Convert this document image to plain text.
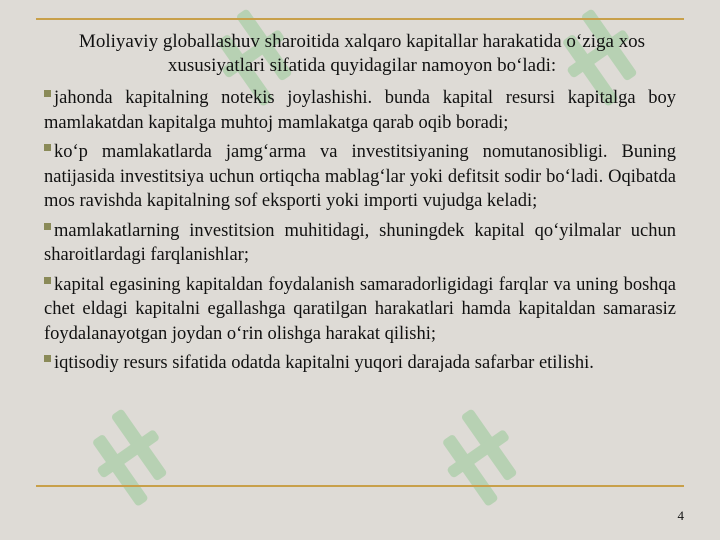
Moliyaviy globallashuv sharoitida xalqaro kapitallar harakatida o‘ziga xos xususiyatlari sifatida quyidagilar namoyon bo‘ladi:

jahonda kapitalning notekis joylashishi. bunda kapital resursi kapitalga boy mamlakatdan kapitalga muhtoj mamlakatga qarab oqib boradi;

ko‘p mamlakatlarda jamg‘arma va investitsiyaning nomutanosibligi. Buning natijasida investitsiya uchun ortiqcha mablag‘lar yoki defitsit sodir bo‘ladi. Oqibatda mos ravishda kapitalning sof eksporti yoki importi vujudga keladi;

mamlakatlarning investitsion muhitidagi, shuningdek kapital qo‘yilmalar uchun sharoitlardagi farqlanishlar;

kapital egasining kapitaldan foydalanish samaradorligidagi farqlar va uning boshqa chet eldagi kapitalni egallashga qaratilgan harakatlari hamda kapitaldan samarasiz foydalanayotgan joydan o‘rin olishga harakat qilishi;

iqtisodiy resurs sifatida odatda kapitalni yuqori darajada safarbar etilishi.

4
